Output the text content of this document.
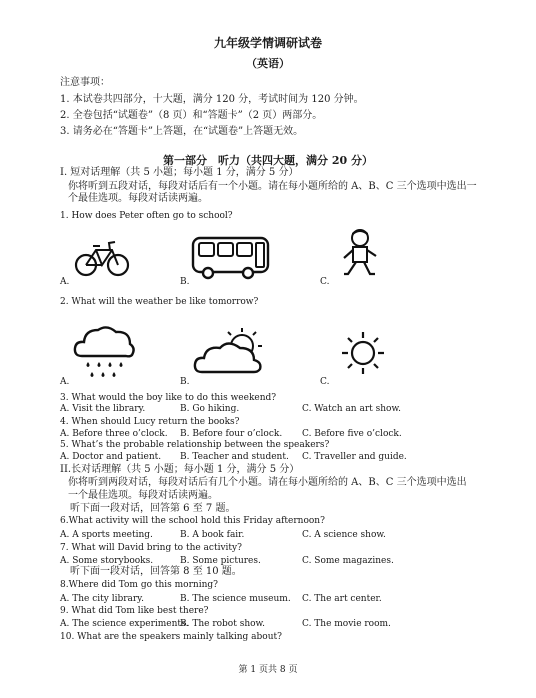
九年级学情调研试卷
（英语）
注意事项：
1. 本试卷共四部分，十大题，满分 120 分，考试时间为 120 分钟。
2. 全卷包括“试题卷”（8 页）和“答题卡”（2 页）两部分。
3. 请务必在“答题卡”上答题，在“试题卷”上答题无效。
第一部分　听力（共四大题，满分 20 分）
I. 短对话理解（共 5 小题；每小题 1 分，满分 5 分）
你将听到五段对话，每段对话后有一个小题。请在每小题所给的 A、B、C 三个选项中选出一
个最佳选项。每段对话读两遍。
1. How does Peter often go to school?
A.	B.	C.
2. What will the weather be like tomorrow?
A.	B.	C.
3. What would the boy like to do this weekend?
A. Visit the library.	B. Go hiking.	C. Watch an art show.
4. When should Lucy return the books?
A. Before three o’clock. B. Before four o’clock. C. Before five o’clock.
5. What’s the probable relationship between the speakers?
A. Doctor and patient. B. Teacher and student. C. Traveller and guide.
II.长对话理解（共 5 小题；每小题 1 分，满分 5 分）
你将听到两段对话，每段对话后有几个小题。请在每小题所给的 A、B、C 三个选项中选出
一个最佳选项。每段对话读两遍。
听下面一段对话，回答第 6 至 7 题。
6.What activity will the school hold this Friday afternoon?
A. A sports meeting.	B. A book fair.	C. A science show.
7. What will David bring to the activity?
A. Some storybooks.	B. Some pictures.	C. Some magazines.
听下面一段对话，回答第 8 至 10 题。
8.Where did Tom go this morning?
A. The city library.	B. The science museum. C. The art center.
9. What did Tom like best there?
A. The science experiments.
B. The robot show.	C. The movie room.
10. What are the speakers mainly talking about?
第 1 页共 8 页
